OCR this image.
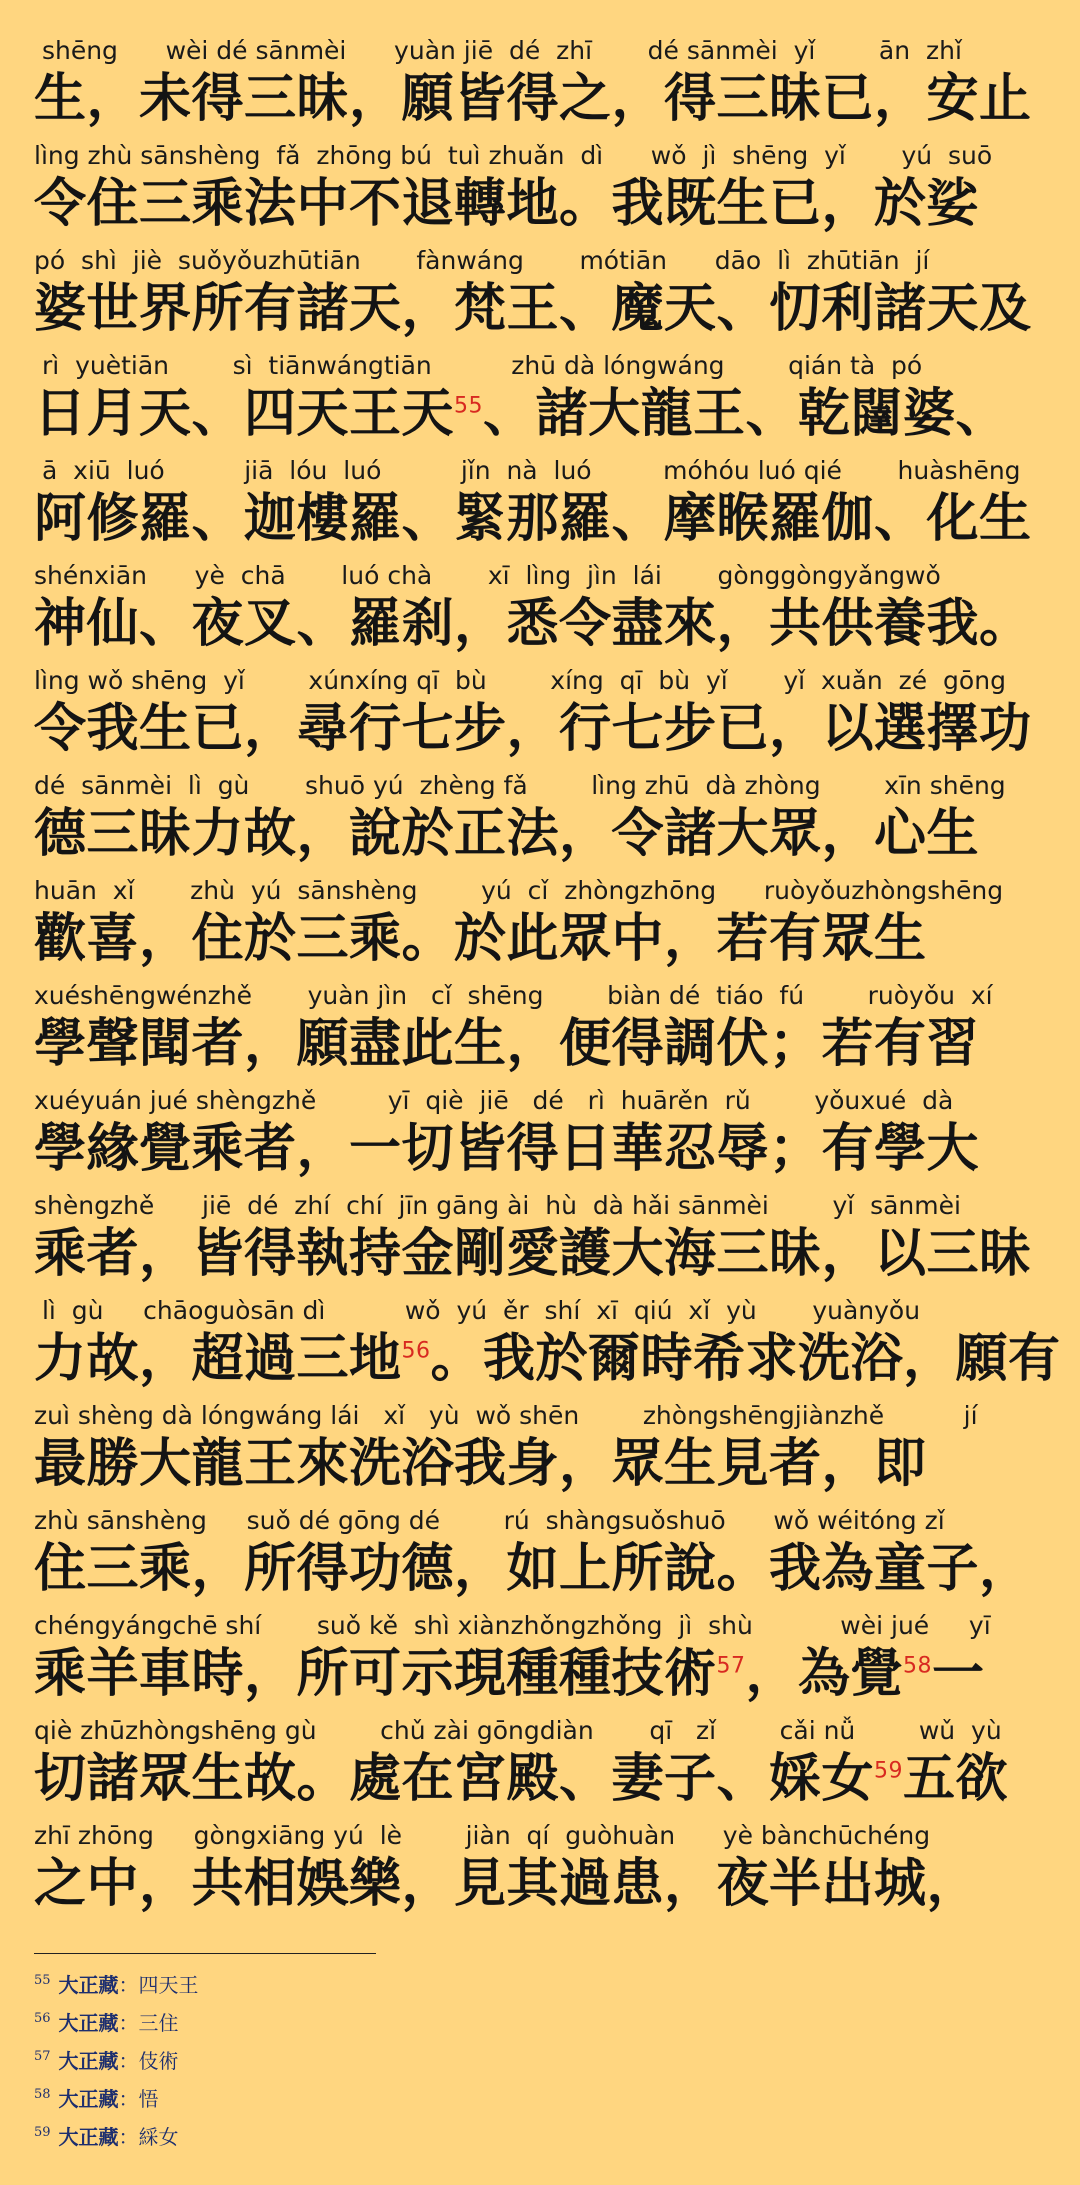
shēng      wèi dé sānmèi      yuàn jiē  dé  zhī       dé sānmèi  yǐ        ān  zhǐ
生，未得三昧，願皆得之，得三昧已，安止
lìng zhù sānshèng  fǎ  zhōng bú  tuì zhuǎn  dì      wǒ  jì  shēng  yǐ       yú  suō
令住三乘法中不退轉地。我既生已，於娑
pó  shì  jiè  suǒyǒuzhūtiān       fànwáng       mótiān      dāo  lì  zhūtiān  jí
婆世界所有諸天，梵王、魔天、忉利諸天及
rì  yuètiān        sì  tiānwángtiān          zhū dà lóngwáng        qián tà  pó
日月天、四天王天$^{55}$、諸大龍王、乾闥婆、
ā  xiū  luó          jiā  lóu  luó          jǐn  nà  luó         móhóu luó qié       huàshēng
阿修羅、迦樓羅、緊那羅、摩睺羅伽、化生
shénxiān      yè  chā       luó chà       xī  lìng  jìn  lái       gònggòngyǎngwǒ
神仙、夜叉、羅刹，悉令盡來，共供養我。
lìng wǒ shēng  yǐ        xúnxíng qī  bù        xíng  qī  bù  yǐ       yǐ  xuǎn  zé  gōng
令我生已，尋行七步，行七步已，以選擇功
dé  sānmèi  lì  gù       shuō yú  zhèng fǎ        lìng zhū  dà zhòng        xīn shēng
德三昧力故，說於正法，令諸大眾，心生
huān  xǐ       zhù  yú  sānshèng        yú  cǐ  zhòngzhōng      ruòyǒuzhòngshēng
歡喜，住於三乘。於此眾中，若有眾生
xuéshēngwénzhě       yuàn jìn   cǐ  shēng        biàn dé  tiáo  fú        ruòyǒu  xí
學聲聞者，願盡此生，便得調伏；若有習
xuéyuán jué shèngzhě         yī  qiè  jiē   dé   rì  huārěn  rǔ        yǒuxué  dà
學緣覺乘者，一切皆得日華忍辱；有學大
shèngzhě      jiē  dé  zhí  chí  jīn gāng ài  hù  dà hǎi sānmèi        yǐ  sānmèi
乘者，皆得執持金剛愛護大海三昧，以三昧
lì  gù     chāoguòsān dì          wǒ  yú  ěr  shí  xī  qiú  xǐ  yù       yuànyǒu
力故，超過三地$^{56}$。我於爾時希求洗浴，願有
zuì shèng dà lóngwáng lái   xǐ   yù  wǒ shēn        zhòngshēngjiànzhě          jí
最勝大龍王來洗浴我身，眾生見者，即
zhù sānshèng     suǒ dé gōng dé        rú  shàngsuǒshuō      wǒ wéitóng zǐ
住三乘，所得功德，如上所說。我為童子，
chéngyángchē shí       suǒ kě  shì xiànzhǒngzhǒng  jì  shù           wèi jué     yī
乘羊車時，所可示現種種技術$^{57}$，為覺$^{58}$一
qiè zhūzhòngshēng gù        chǔ zài gōngdiàn       qī   zǐ        cǎi nǚ        wǔ  yù
切諸眾生故。處在宮殿、妻子、婇女$^{59}$五欲
zhī zhōng     gòngxiāng yú  lè        jiàn  qí  guòhuàn      yè bànchūchéng
之中，共相娛樂，見其過患，夜半出城，
$^{55}$ 大正藏：四天王
$^{56}$ 大正藏：三住
$^{57}$ 大正藏：伎術
$^{58}$ 大正藏：悟
$^{59}$ 大正藏：綵女
